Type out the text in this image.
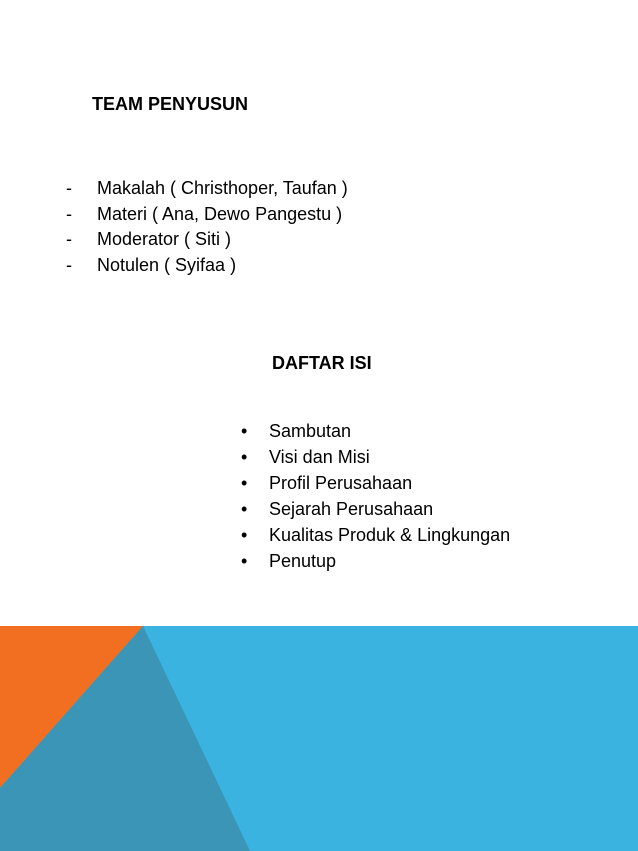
TEAM PENYUSUN
- Makalah ( Christhoper, Taufan )
- Materi ( Ana, Dewo Pangestu )
- Moderator ( Siti )
- Notulen ( Syifaa )
DAFTAR ISI
• Sambutan
• Visi dan Misi
• Profil Perusahaan
• Sejarah Perusahaan
• Kualitas Produk & Lingkungan
• Penutup
